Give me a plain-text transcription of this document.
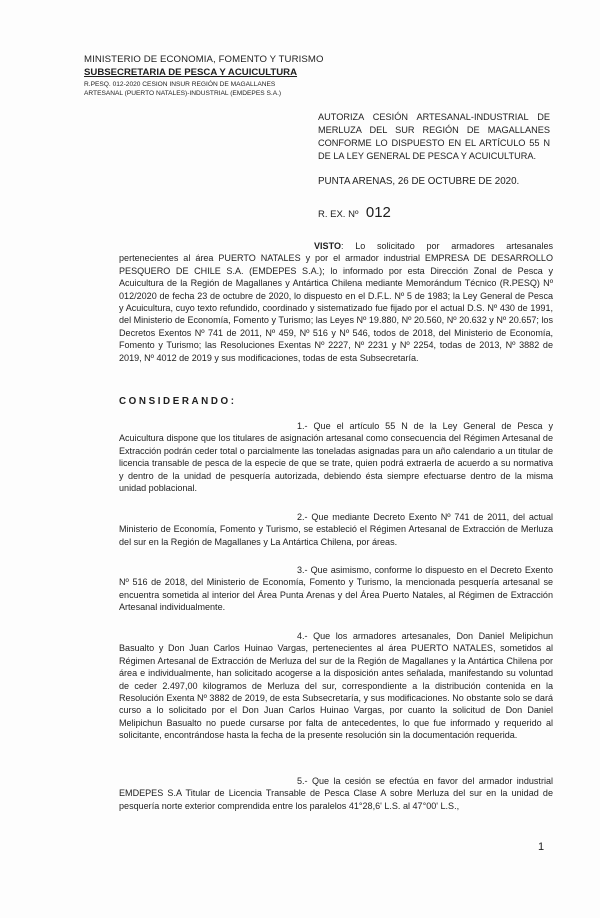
MINISTERIO DE ECONOMIA, FOMENTO Y TURISMO
SUBSECRETARIA DE PESCA Y ACUICULTURA
R.PESQ. 012-2020 CESION INSUR REGIÓN DE MAGALLANES
ARTESANAL (PUERTO NATALES)-INDUSTRIAL (EMDEPES S.A.)
AUTORIZA CESIÓN ARTESANAL-INDUSTRIAL DE MERLUZA DEL SUR REGIÓN DE MAGALLANES CONFORME LO DISPUESTO EN EL ARTÍCULO 55 N DE LA LEY GENERAL DE PESCA Y ACUICULTURA.
PUNTA ARENAS, 26 DE OCTUBRE DE 2020.
R. EX. Nº 012
VISTO: Lo solicitado por armadores artesanales pertenecientes al área PUERTO NATALES y por el armador industrial EMPRESA DE DESARROLLO PESQUERO DE CHILE S.A. (EMDEPES S.A.); lo informado por esta Dirección Zonal de Pesca y Acuicultura de la Región de Magallanes y Antártica Chilena mediante Memorándum Técnico (R.PESQ) Nº 012/2020 de fecha 23 de octubre de 2020, lo dispuesto en el D.F.L. Nº 5 de 1983; la Ley General de Pesca y Acuicultura, cuyo texto refundido, coordinado y sistematizado fue fijado por el actual D.S. Nº 430 de 1991, del Ministerio de Economía, Fomento y Turismo; las Leyes Nº 19.880, Nº 20.560, Nº 20.632 y Nº 20.657; los Decretos Exentos Nº 741 de 2011, Nº 459, Nº 516 y Nº 546, todos de 2018, del Ministerio de Economía, Fomento y Turismo; las Resoluciones Exentas Nº 2227, Nº 2231 y Nº 2254, todas de 2013, Nº 3882 de 2019, Nº 4012 de 2019 y sus modificaciones, todas de esta Subsecretaría.
CONSIDERANDO:
1.- Que el artículo 55 N de la Ley General de Pesca y Acuicultura dispone que los titulares de asignación artesanal como consecuencia del Régimen Artesanal de Extracción podrán ceder total o parcialmente las toneladas asignadas para un año calendario a un titular de licencia transable de pesca de la especie de que se trate, quien podrá extraerla de acuerdo a su normativa y dentro de la unidad de pesquería autorizada, debiendo ésta siempre efectuarse dentro de la misma unidad poblacional.
2.- Que mediante Decreto Exento Nº 741 de 2011, del actual Ministerio de Economía, Fomento y Turismo, se estableció el Régimen Artesanal de Extracción de Merluza del sur en la Región de Magallanes y La Antártica Chilena, por áreas.
3.- Que asimismo, conforme lo dispuesto en el Decreto Exento Nº 516 de 2018, del Ministerio de Economía, Fomento y Turismo, la mencionada pesquería artesanal se encuentra sometida al interior del Área Punta Arenas y del Área Puerto Natales, al Régimen de Extracción Artesanal individualmente.
4.- Que los armadores artesanales, Don Daniel Melipichun Basualto y Don Juan Carlos Huinao Vargas, pertenecientes al área PUERTO NATALES, sometidos al Régimen Artesanal de Extracción de Merluza del sur de la Región de Magallanes y la Antártica Chilena por área e individualmente, han solicitado acogerse a la disposición antes señalada, manifestando su voluntad de ceder 2.497,00 kilogramos de Merluza del sur, correspondiente a la distribución contenida en la Resolución Exenta Nº 3882 de 2019, de esta Subsecretaría, y sus modificaciones. No obstante solo se dará curso a lo solicitado por el Don Juan Carlos Huinao Vargas, por cuanto la solicitud de Don Daniel Melipichun Basualto no puede cursarse por falta de antecedentes, lo que fue informado y requerido al solicitante, encontrándose hasta la fecha de la presente resolución sin la documentación requerida.
5.- Que la cesión se efectúa en favor del armador industrial EMDEPES S.A Titular de Licencia Transable de Pesca Clase A sobre Merluza del sur en la unidad de pesquería norte exterior comprendida entre los paralelos 41°28,6' L.S. al 47°00' L.S.,
1
